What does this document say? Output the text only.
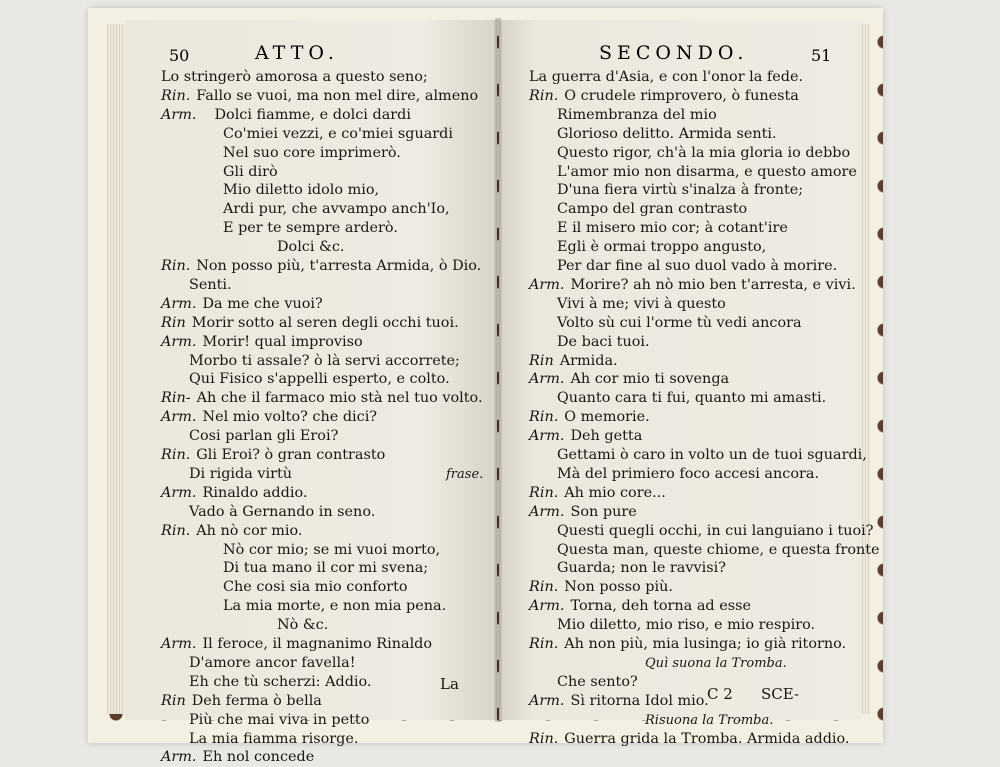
50	ATTO.
Lo stringerò amorosa a questo seno;
Rin. Fallo se vuoi, ma non mel dire, almeno
Arm. Dolci fiamme, e dolci dardi
Co'miei vezzi, e co'miei sguardi
Nel suo core imprimerò.
Gli dirò
Mio diletto idolo mio,
Ardi pur, che avvampo anch'Io,
E per te sempre arderò.
Dolci &c.
Rin. Non posso più, t'arresta Armida, ò Dio.
Senti.
Arm. Da me che vuoi?
Rin Morir sotto al seren degli occhi tuoi.
Arm. Morir! qual improviso
Morbo ti assale? ò là servi accorrete;
Qui Fisico s'appelli esperto, e colto.
Rin- Ah che il farmaco mio stà nel tuo volto.
Arm. Nel mio volto? che dici?
Cosi parlan gli Eroi?
Rin. Gli Eroi? ò gran contrasto
Di rigida virtù	frase.
Arm. Rinaldo addio.
Vado à Gernando in seno.
Rin. Ah nò cor mio.
Nò cor mio; se mi vuoi morto,
Di tua mano il cor mi svena;
Che cosi sia mio conforto
La mia morte, e non mia pena.
Nò &c.
Arm. Il feroce, il magnanimo Rinaldo
D'amore ancor favella!
Eh che tù scherzi: Addio.
Rin Deh ferma ò bella
Più che mai viva in petto
La mia fiamma risorge.
Arm. Eh nol concede
La
SECONDO.	51
La guerra d'Asia, e con l'onor la fede.
Rin. O crudele rimprovero, ò funesta
Rimembranza del mio
Glorioso delitto. Armida senti.
Questo rigor, ch'à la mia gloria io debbo
L'amor mio non disarma, e questo amore
D'una fiera virtù s'inalza à fronte;
Campo del gran contrasto
E il misero mio cor; à cotant'ire
Egli è ormai troppo angusto,
Per dar fine al suo duol vado à morire.
Arm. Morire? ah nò mio ben t'arresta, e vivi.
Vivi à me; vivi à questo
Volto sù cui l'orme tù vedi ancora
De baci tuoi.
Rin Armida.
Arm. Ah cor mio ti sovenga
Quanto cara ti fui, quanto mi amasti.
Rin. O memorie.
Arm. Deh getta
Gettami ò caro in volto un de tuoi sguardi,
Mà del primiero foco accesi ancora.
Rin. Ah mio core...
Arm. Son pure
Questi quegli occhi, in cui languiano i tuoi?
Questa man, queste chiome, e questa fronte
Guarda; non le ravvisi?
Rin. Non posso più.
Arm. Torna, deh torna ad esse
Mio diletto, mio riso, e mio respiro.
Rin. Ah non più, mia lusinga; io già ritorno.
Quì suona la Tromba.
Che sento?
Arm. Sì ritorna Idol mio.
Risuona la Tromba.
Rin. Guerra grida la Tromba. Armida addio.
C 2 SCE-
